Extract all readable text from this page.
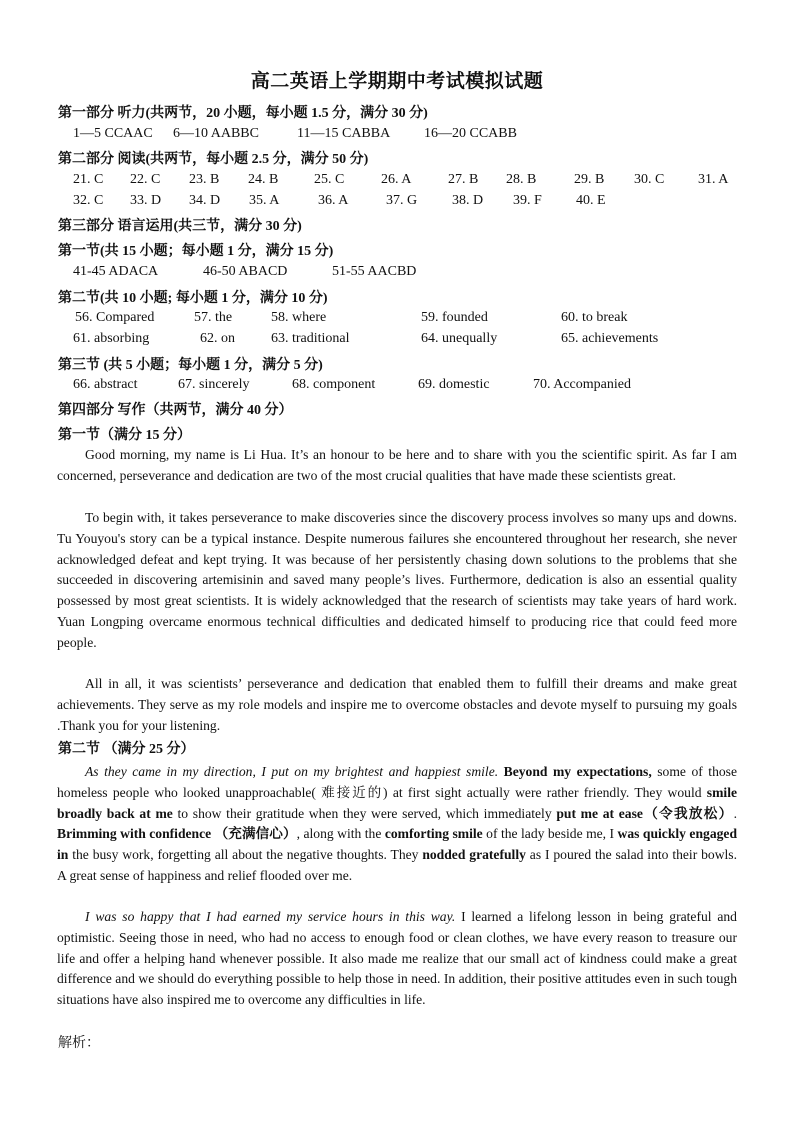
高二英语上学期期中考试模拟试题
第一部分 听力(共两节，20 小题，每小题 1.5 分，满分 30 分)
1—5 CCAAC 6—10 AABBC	11—15 CABBA 16—20 CCABB
第二部分 阅读(共两节，每小题 2.5 分，满分 50 分)
21. C 22. C 23. B 24. B	25. C	26. A	27. B 28. B	29. B 30. C 31. A
32. C 33. D 34. D 35. A	36. A	37. G 38. D 39. F 40. E
第三部分 语言运用(共三节，满分 30 分)
第一节(共 15 小题；每小题 1 分，满分 15 分)
41-45 ADACA	46-50 ABACD	51-55 AACBD
第二节(共 10 小题; 每小题 1 分，满分 10 分)
56. Compared	57. the	58. where	59. founded	60. to break
61. absorbing	62. on	63. traditional	64. unequally	65. achievements
第三节 (共 5 小题；每小题 1 分，满分 5 分)
66. abstract	67. sincerely	68. component	69. domestic	70. Accompanied
第四部分 写作（共两节，满分 40 分）
第一节（满分 15 分）

Good morning, my name is Li Hua. It’s an honour to be here and to share with you the scientific spirit. As far I am concerned, perseverance and dedication are two of the most crucial qualities that have made these scientists great.

To begin with, it takes perseverance to make discoveries since the discovery process involves so many ups and downs. Tu Youyou's story can be a typical instance. Despite numerous failures she encountered throughout her research, she never acknowledged defeat and kept trying. It was because of her persistently chasing down solutions to the problems that she succeeded in discovering artemisinin and saved many people’s lives. Furthermore, dedication is also an essential quality possessed by most great scientists. It is widely acknowledged that the research of scientists may take years of hard work. Yuan Longping overcame enormous technical difficulties and dedicated himself to producing rice that could feed more people.

All in all, it was scientists’ perseverance and dedication that enabled them to fulfill their dreams and make great achievements. They serve as my role models and inspire me to overcome obstacles and devote myself to pursuing my goals .Thank you for your listening.

第二节 （满分 25 分）

As they came in my direction, I put on my brightest and happiest smile. Beyond my expectations, some of those homeless people who looked unapproachable( 难接近的) at first sight actually were rather friendly. They would smile broadly back at me to show their gratitude when they were served, which immediately put me at ease（令我放松）. Brimming with confidence （充满信心）, along with the comforting smile of the lady beside me, I was quickly engaged in the busy work, forgetting all about the negative thoughts. They nodded gratefully as I poured the salad into their bowls. A great sense of happiness and relief flooded over me.

I was so happy that I had earned my service hours in this way. I learned a lifelong lesson in being grateful and optimistic. Seeing those in need, who had no access to enough food or clean clothes, we have every reason to treasure our life and offer a helping hand whenever possible. It also made me realize that our small act of kindness could make a great difference and we should do everything possible to help those in need. In addition, their positive attitudes even in such tough situations have also inspired me to overcome any difficulties in life.

解析：
